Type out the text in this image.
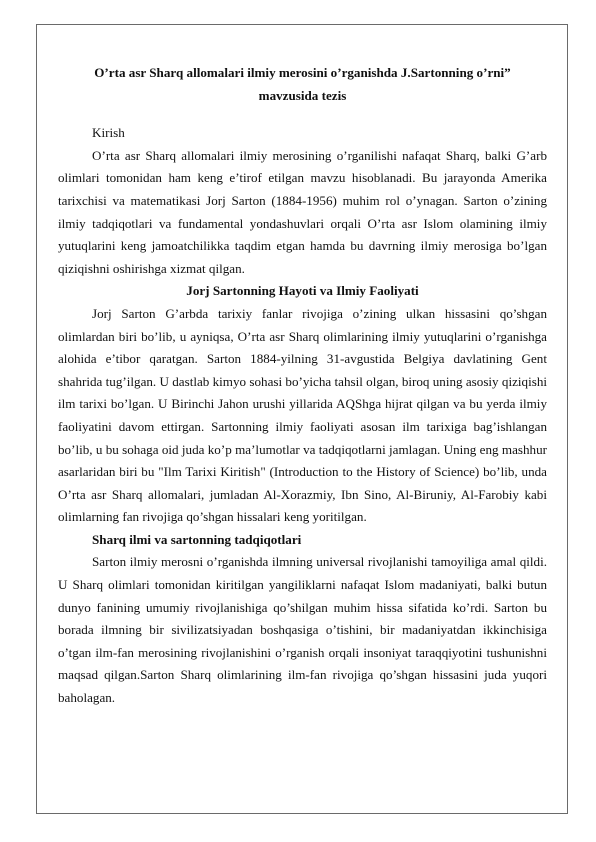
O’rta asr Sharq allomalari ilmiy merosini o’rganishda J.Sartonning o’rni”

mavzusida tezis

Kirish

O’rta asr Sharq allomalari ilmiy merosining o’rganilishi nafaqat Sharq, balki G’arb olimlari tomonidan ham keng e’tirof etilgan mavzu hisoblanadi. Bu jarayonda Amerika tarixchisi va matematikasi Jorj Sarton (1884-1956) muhim rol o’ynagan. Sarton o’zining ilmiy tadqiqotlari va fundamental yondashuvlari orqali O’rta asr Islom olamining ilmiy yutuqlarini keng jamoatchilikka taqdim etgan hamda bu davrning ilmiy merosiga bo’lgan qiziqishni oshirishga xizmat qilgan.

Jorj Sartonning Hayoti va Ilmiy Faoliyati

Jorj Sarton G’arbda tarixiy fanlar rivojiga o’zining ulkan hissasini qo’shgan olimlardan biri bo’lib, u ayniqsa, O’rta asr Sharq olimlarining ilmiy yutuqlarini o’rganishga alohida e’tibor qaratgan. Sarton 1884-yilning 31-avgustida Belgiya davlatining Gent shahrida tug’ilgan. U dastlab kimyo sohasi bo’yicha tahsil olgan, biroq uning asosiy qiziqishi ilm tarixi bo’lgan. U Birinchi Jahon urushi yillarida AQShga hijrat qilgan va bu yerda ilmiy faoliyatini davom ettirgan. Sartonning ilmiy faoliyati asosan ilm tarixiga bag’ishlangan bo’lib, u bu sohaga oid juda ko’p ma’lumotlar va tadqiqotlarni jamlagan. Uning eng mashhur asarlaridan biri bu "Ilm Tarixi Kiritish" (Introduction to the History of Science) bo’lib, unda O’rta asr Sharq allomalari, jumladan Al-Xorazmiy, Ibn Sino, Al-Biruniy, Al-Farobiy kabi olimlarning fan rivojiga qo’shgan hissalari keng yoritilgan.

Sharq ilmi va sartonning tadqiqotlari

Sarton ilmiy merosni o’rganishda ilmning universal rivojlanishi tamoyiliga amal qildi. U Sharq olimlari tomonidan kiritilgan yangiliklarni nafaqat Islom madaniyati, balki butun dunyo fanining umumiy rivojlanishiga qo’shilgan muhim hissa sifatida ko’rdi. Sarton bu borada ilmning bir sivilizatsiyadan boshqasiga o’tishini, bir madaniyatdan ikkinchisiga o’tgan ilm-fan merosining rivojlanishini o’rganish orqali insoniyat taraqqiyotini tushunishni maqsad qilgan.Sarton Sharq olimlarining ilm-fan rivojiga qo’shgan hissasini juda yuqori baholagan.
